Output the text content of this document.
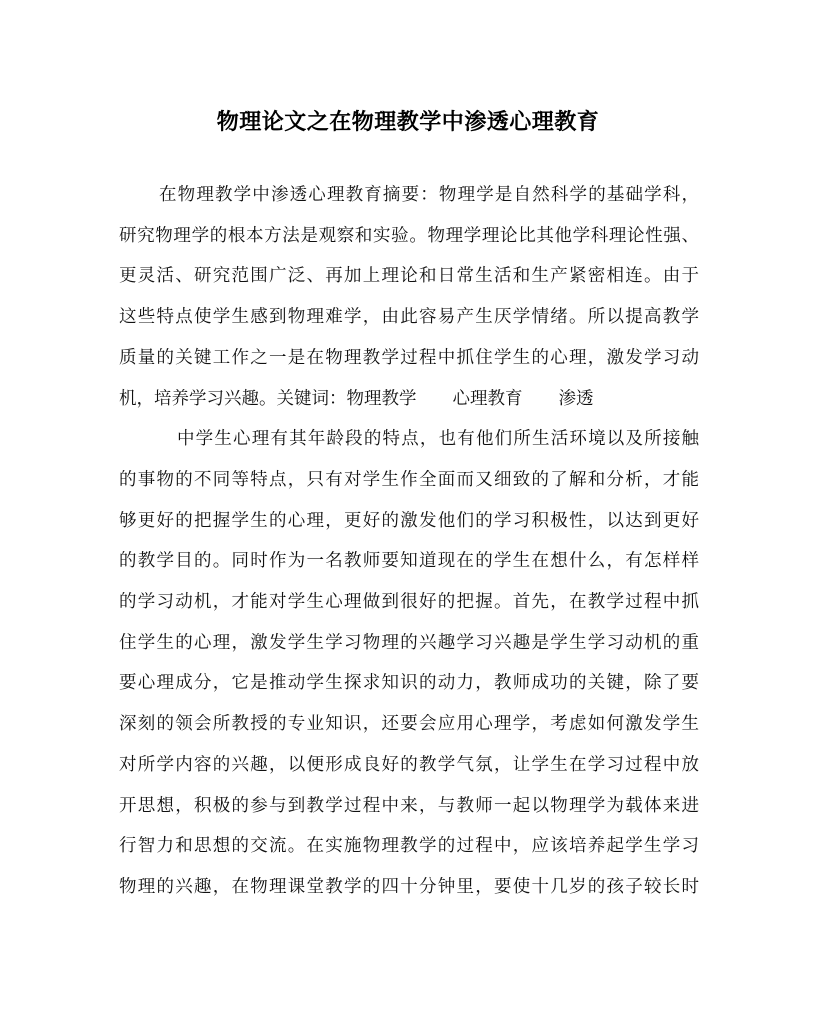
物理论文之在物理教学中渗透心理教育
在物理教学中渗透心理教育摘要：物理学是自然科学的基础学科，
研究物理学的根本方法是观察和实验。物理学理论比其他学科理论性强、
更灵活、研究范围广泛、再加上理论和日常生活和生产紧密相连。由于
这些特点使学生感到物理难学，由此容易产生厌学情绪。所以提高教学
质量的关键工作之一是在物理教学过程中抓住学生的心理，激发学习动
机，培养学习兴趣。关键词：物理教学 心理教育 渗透
中学生心理有其年龄段的特点，也有他们所生活环境以及所接触
的事物的不同等特点，只有对学生作全面而又细致的了解和分析，才能
够更好的把握学生的心理，更好的激发他们的学习积极性，以达到更好
的教学目的。同时作为一名教师要知道现在的学生在想什么，有怎样样
的学习动机，才能对学生心理做到很好的把握。首先，在教学过程中抓
住学生的心理，激发学生学习物理的兴趣学习兴趣是学生学习动机的重
要心理成分，它是推动学生探求知识的动力，教师成功的关键，除了要
深刻的领会所教授的专业知识，还要会应用心理学，考虑如何激发学生
对所学内容的兴趣，以便形成良好的教学气氛，让学生在学习过程中放
开思想，积极的参与到教学过程中来，与教师一起以物理学为载体来进
行智力和思想的交流。在实施物理教学的过程中，应该培养起学生学习
物理的兴趣，在物理课堂教学的四十分钟里，要使十几岁的孩子较长时
